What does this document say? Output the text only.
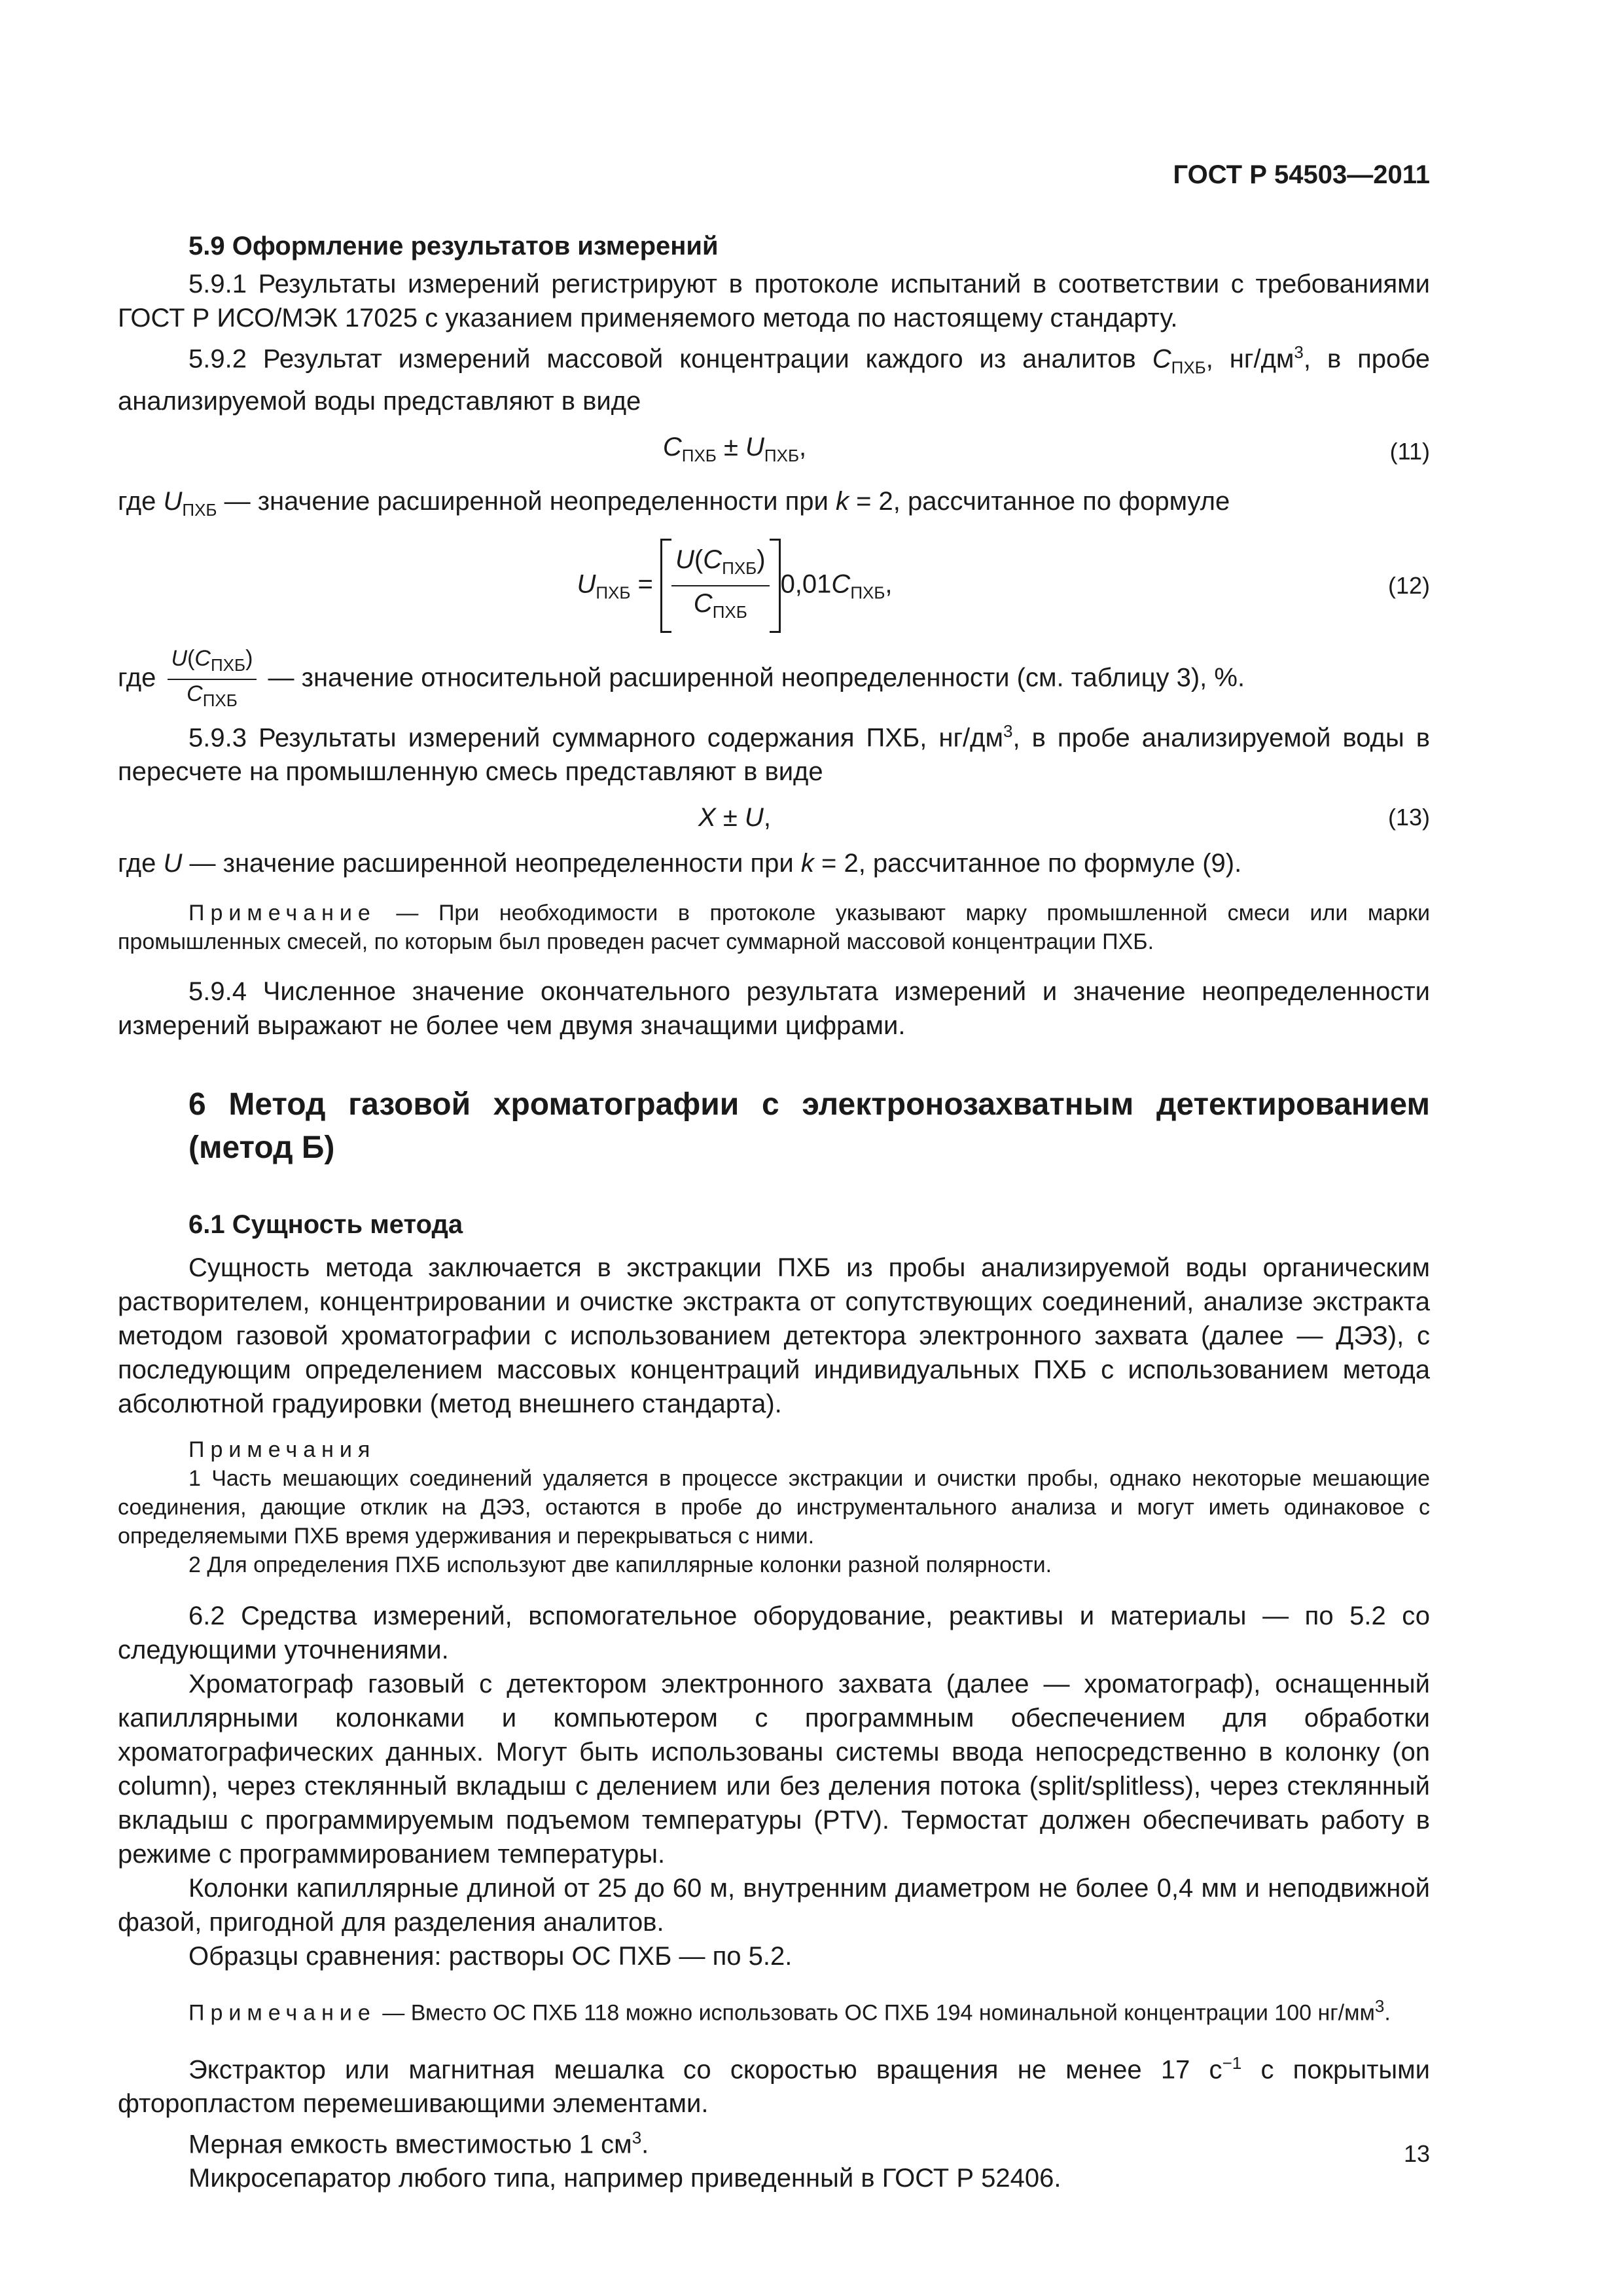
ГОСТ Р 54503—2011

5.9 Оформление результатов измерений

5.9.1 Результаты измерений регистрируют в протоколе испытаний в соответствии с требованиями ГОСТ Р ИСО/МЭК 17025 с указанием применяемого метода по настоящему стандарту.

5.9.2 Результат измерений массовой концентрации каждого из аналитов $C_{ПХБ}$, $нг/дм^3$, в пробе анализируемой воды представляют в виде

$C_{ПХБ} \pm U_{ПХБ}$,	(11)

где $U_{ПХБ}$ — значение расширенной неопределенности при k = 2, рассчитанное по формуле

$U_{ПХБ} = \frac{U(C_{ПХБ})}{C_{ПХБ}} 0,01C_{ПХБ}$,	(12)

где $\frac{U(C_{ПХБ})}{C_{ПХБ}}$ — значение относительной расширенной неопределенности (см. таблицу 3), %.

5.9.3 Результаты измерений суммарного содержания ПХБ, $нг/дм^3$, в пробе анализируемой воды в пересчете на промышленную смесь представляют в виде

X ± U,	(13)

где U — значение расширенной неопределенности при k = 2, рассчитанное по формуле (9).

Примечание — При необходимости в протоколе указывают марку промышленной смеси или марки промышленных смесей, по которым был проведен расчет суммарной массовой концентрации ПХБ.

5.9.4 Численное значение окончательного результата измерений и значение неопределенности измерений выражают не более чем двумя значащими цифрами.

6 Метод газовой хроматографии с электронозахватным детектированием (метод Б)

6.1 Сущность метода

Сущность метода заключается в экстракции ПХБ из пробы анализируемой воды органическим растворителем, концентрировании и очистке экстракта от сопутствующих соединений, анализе экстракта методом газовой хроматографии с использованием детектора электронного захвата (далее — ДЭЗ), с последующим определением массовых концентраций индивидуальных ПХБ с использованием метода абсолютной градуировки (метод внешнего стандарта).

Примечания

1 Часть мешающих соединений удаляется в процессе экстракции и очистки пробы, однако некоторые мешающие соединения, дающие отклик на ДЭЗ, остаются в пробе до инструментального анализа и могут иметь одинаковое с определяемыми ПХБ время удерживания и перекрываться с ними.

2 Для определения ПХБ используют две капиллярные колонки разной полярности.

6.2 Средства измерений, вспомогательное оборудование, реактивы и материалы — по 5.2 со следующими уточнениями.

Хроматограф газовый с детектором электронного захвата (далее — хроматограф), оснащенный капиллярными колонками и компьютером с программным обеспечением для обработки хроматографических данных. Могут быть использованы системы ввода непосредственно в колонку (on column), через стеклянный вкладыш с делением или без деления потока (split/splitless), через стеклянный вкладыш с программируемым подъемом температуры (PTV). Термостат должен обеспечивать работу в режиме с программированием температуры.

Колонки капиллярные длиной от 25 до 60 м, внутренним диаметром не более 0,4 мм и неподвижной фазой, пригодной для разделения аналитов.

Образцы сравнения: растворы ОС ПХБ — по 5.2.

Примечание — Вместо ОС ПХБ 118 можно использовать ОС ПХБ 194 номинальной концентрации 100 $нг/мм^3$.

Экстрактор или магнитная мешалка со скоростью вращения не менее 17 $с^{-1}$ с покрытыми фторопластом перемешивающими элементами.

Мерная емкость вместимостью 1 $см^3$.

Микросепаратор любого типа, например приведенный в ГОСТ Р 52406.

13
